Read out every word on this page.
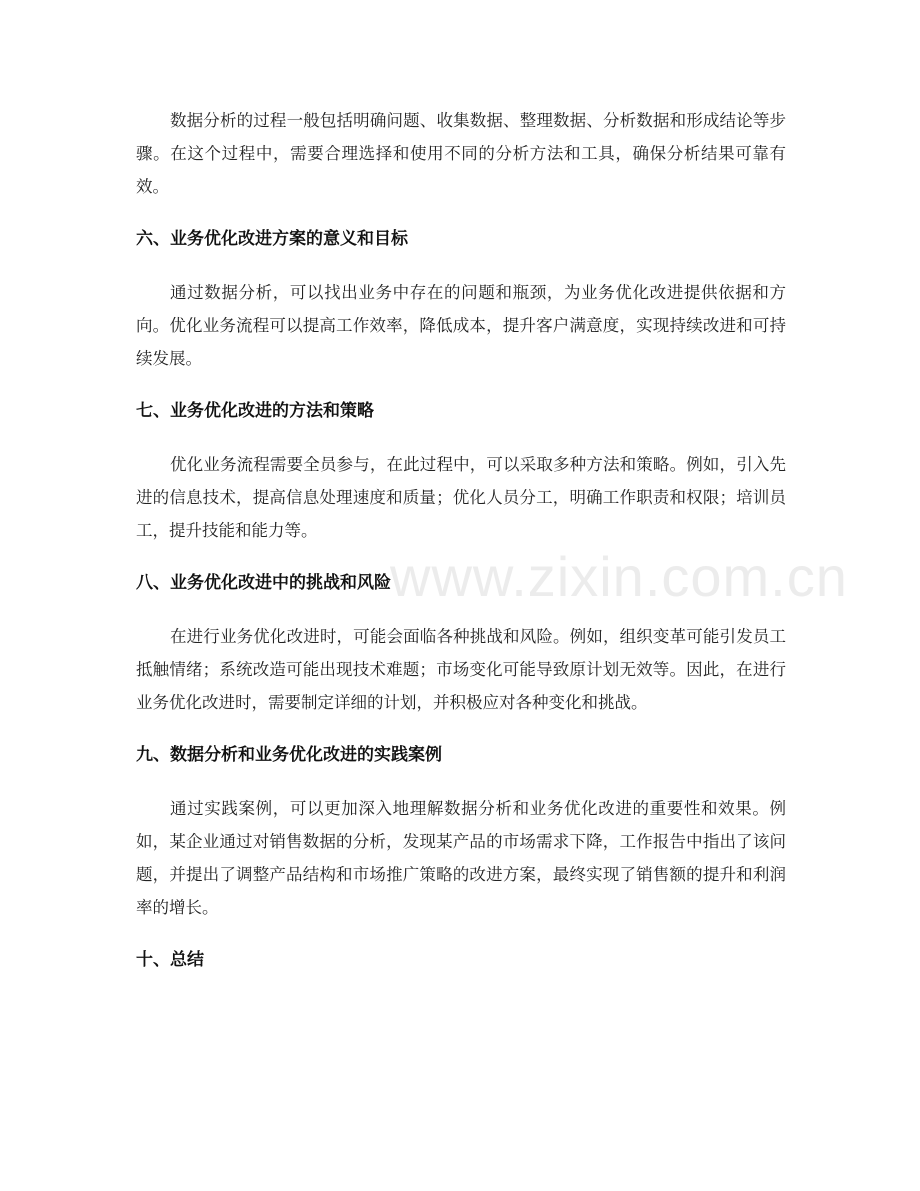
www.zixin.com.cn

数据分析的过程一般包括明确问题、收集数据、整理数据、分析数据和形成结论等步骤。在这个过程中，需要合理选择和使用不同的分析方法和工具，确保分析结果可靠有效。

六、业务优化改进方案的意义和目标

通过数据分析，可以找出业务中存在的问题和瓶颈，为业务优化改进提供依据和方向。优化业务流程可以提高工作效率，降低成本，提升客户满意度，实现持续改进和可持续发展。

七、业务优化改进的方法和策略

优化业务流程需要全员参与，在此过程中，可以采取多种方法和策略。例如，引入先进的信息技术，提高信息处理速度和质量；优化人员分工，明确工作职责和权限；培训员工，提升技能和能力等。

八、业务优化改进中的挑战和风险

在进行业务优化改进时，可能会面临各种挑战和风险。例如，组织变革可能引发员工抵触情绪；系统改造可能出现技术难题；市场变化可能导致原计划无效等。因此，在进行业务优化改进时，需要制定详细的计划，并积极应对各种变化和挑战。

九、数据分析和业务优化改进的实践案例

通过实践案例，可以更加深入地理解数据分析和业务优化改进的重要性和效果。例如，某企业通过对销售数据的分析，发现某产品的市场需求下降，工作报告中指出了该问题，并提出了调整产品结构和市场推广策略的改进方案，最终实现了销售额的提升和利润率的增长。

十、总结
